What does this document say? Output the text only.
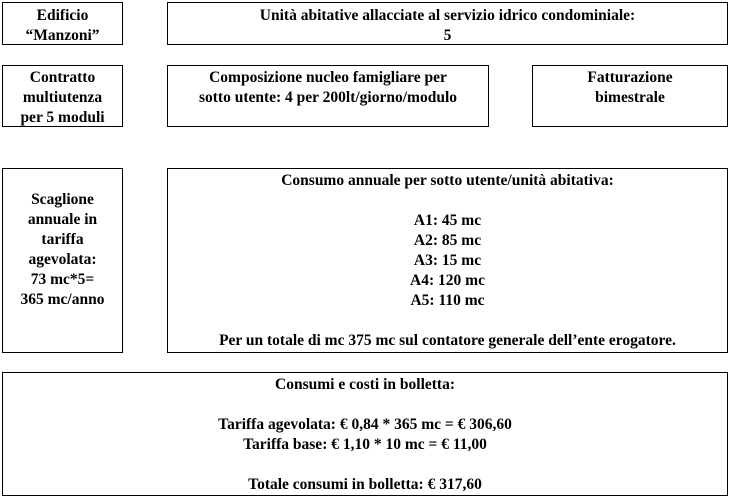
Edificio
“Manzoni”
Unità abitative allacciate al servizio idrico condominiale:
5
Contratto
multiutenza
per 5 moduli
Composizione nucleo famigliare per
sotto utente: 4 per 200lt/giorno/modulo
Fatturazione
bimestrale
Scaglione
annuale in
tariffa
agevolata:
73 mc*5=
365 mc/anno
Consumo annuale per sotto utente/unità abitativa:
A1: 45 mc
A2: 85 mc
A3: 15 mc
A4: 120 mc
A5: 110 mc
Per un totale di mc 375 mc sul contatore generale dell’ente erogatore.
Consumi e costi in bolletta:
Tariffa agevolata: € 0,84 * 365 mc = € 306,60
Tariffa base: € 1,10 * 10 mc = € 11,00
Totale consumi in bolletta: € 317,60
